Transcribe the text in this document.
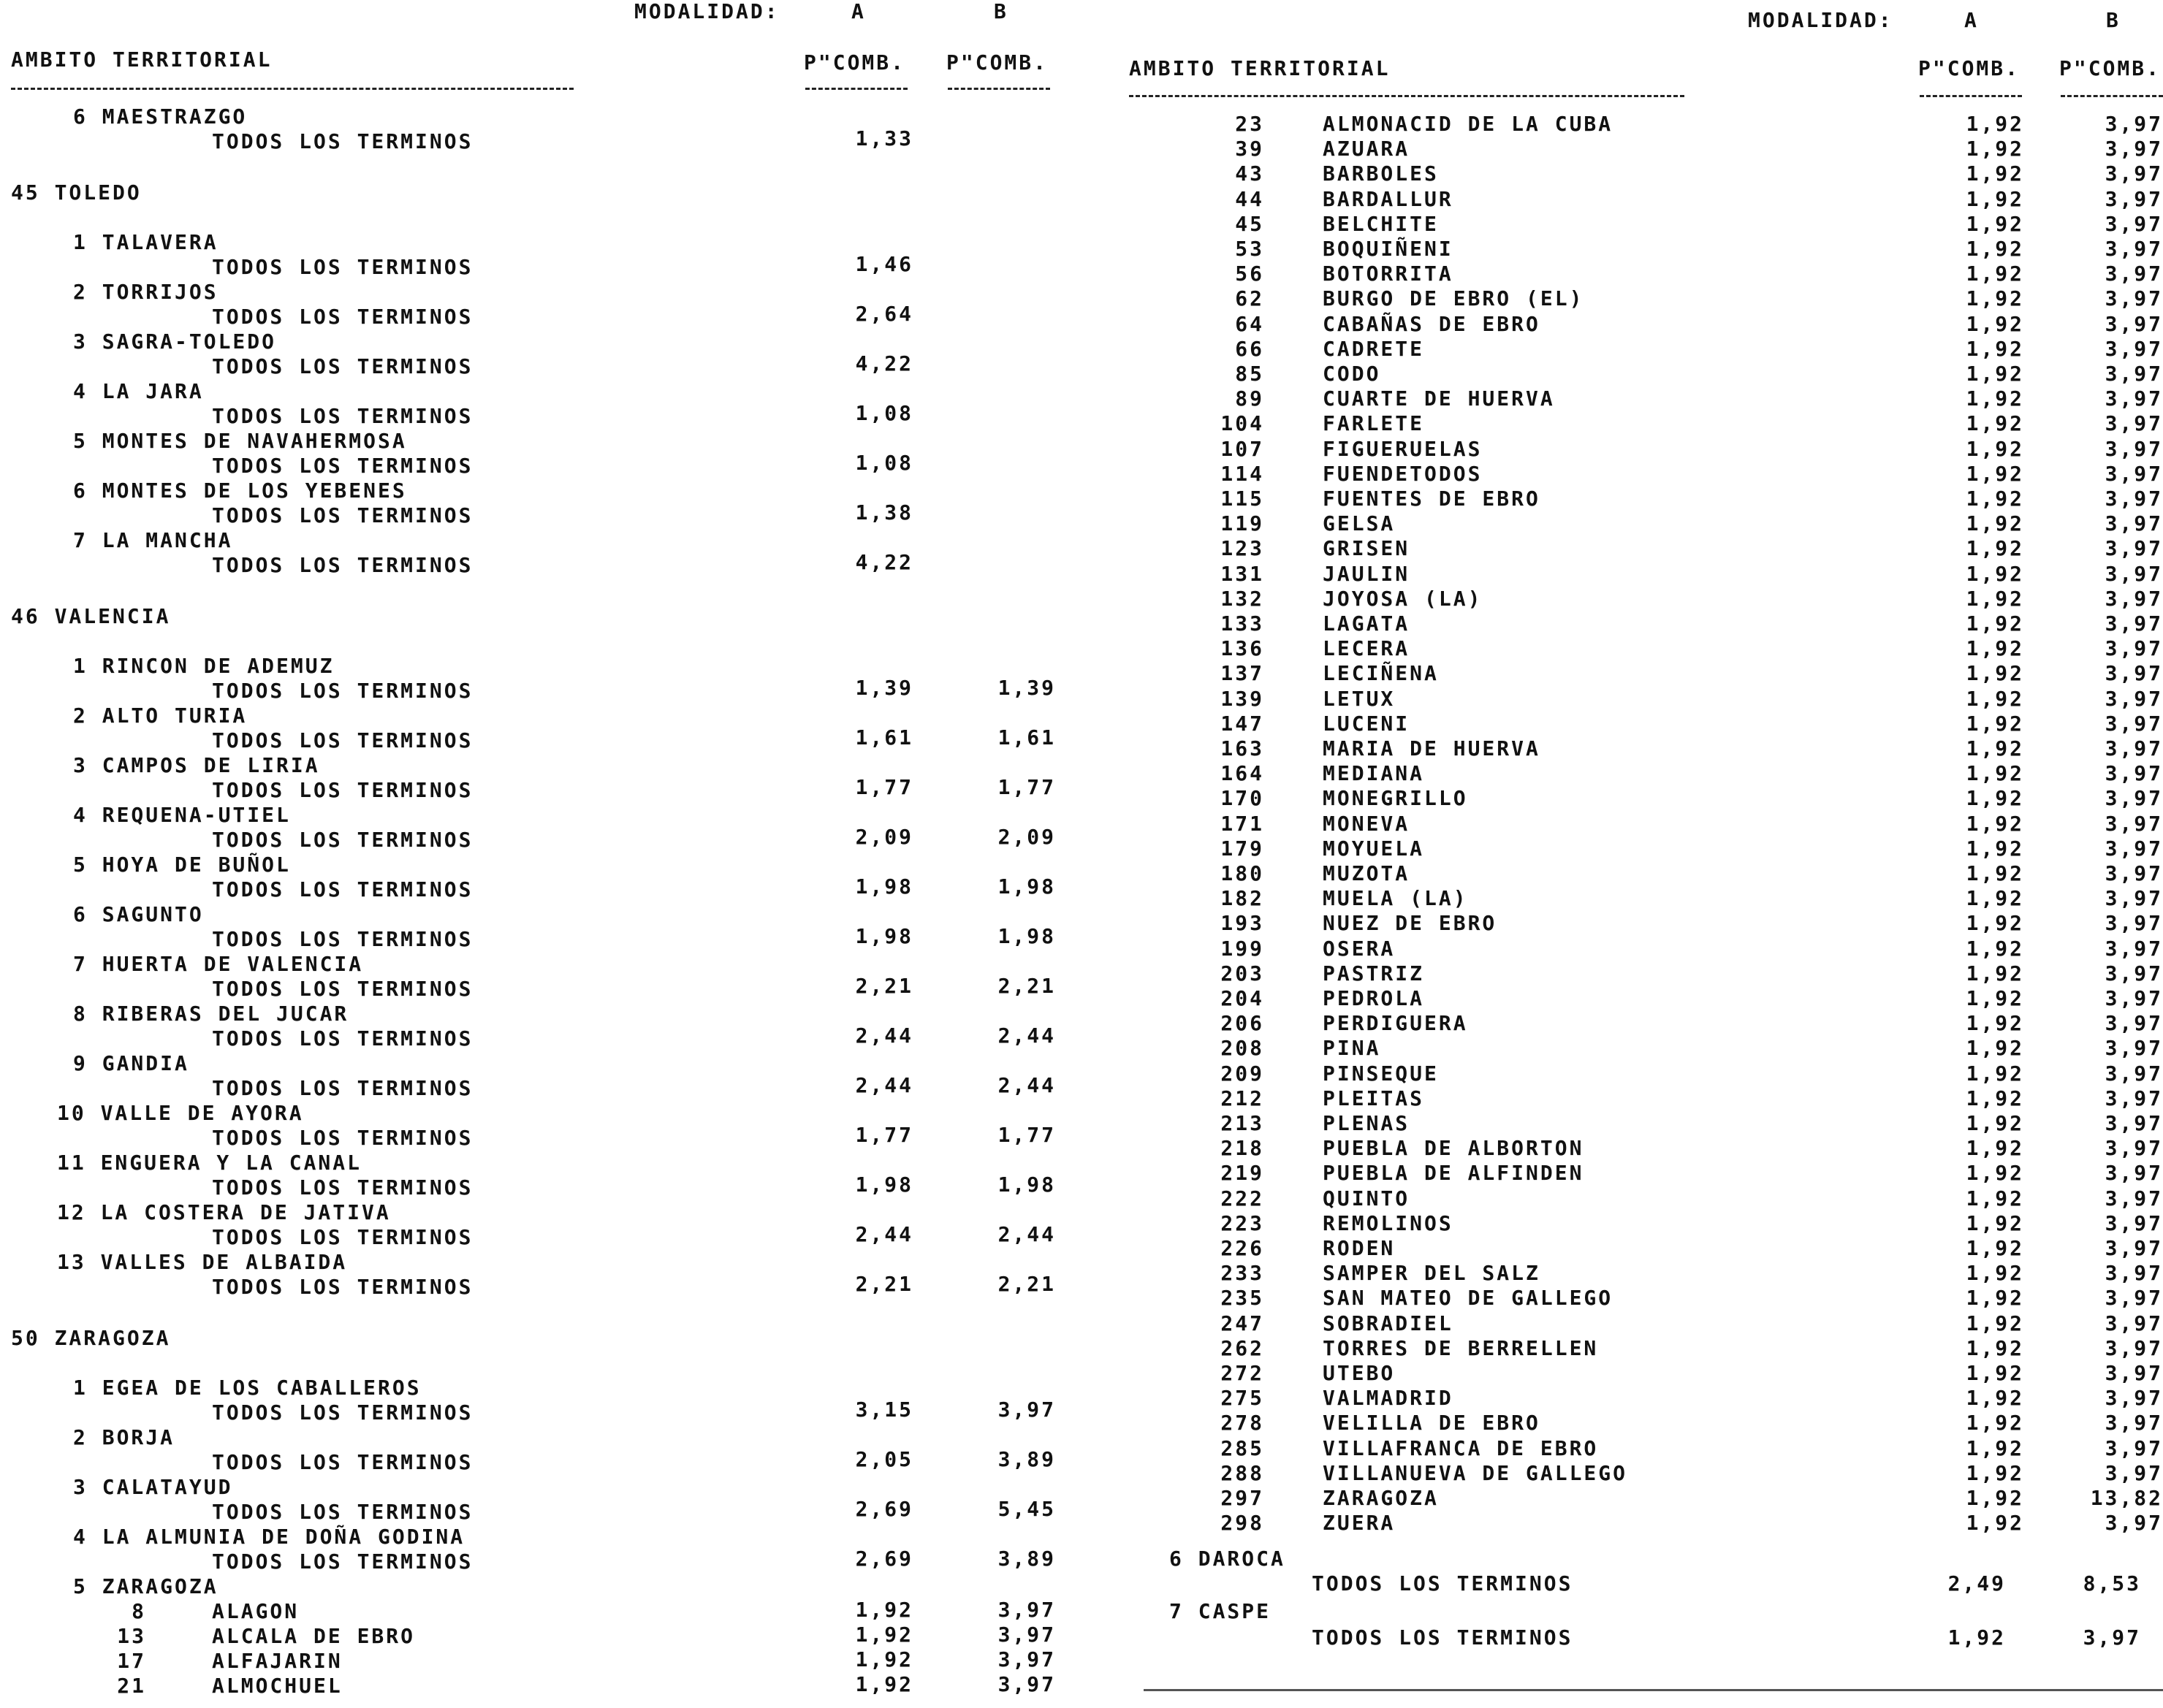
MODALIDAD:	A	B
AMBITO TERRITORIAL	P"COMB. P"COMB.
MODALIDAD:	A	B
AMBITO TERRITORIAL	P"COMB. P"COMB.
6 MAESTRAZGO
TODOS LOS TERMINOS	1,33
45 TOLEDO
1 TALAVERA
TODOS LOS TERMINOS	1,46
2 TORRIJOS
TODOS LOS TERMINOS	2,64
3 SAGRA-TOLEDO
TODOS LOS TERMINOS	4,22
4 LA JARA
TODOS LOS TERMINOS	1,08
5 MONTES DE NAVAHERMOSA
TODOS LOS TERMINOS	1,08
6 MONTES DE LOS YEBENES
TODOS LOS TERMINOS	1,38
7 LA MANCHA
TODOS LOS TERMINOS	4,22
46 VALENCIA
1 RINCON DE ADEMUZ
TODOS LOS TERMINOS	1,39	1,39
2 ALTO TURIA
TODOS LOS TERMINOS	1,61	1,61
3 CAMPOS DE LIRIA
TODOS LOS TERMINOS	1,77	1,77
4 REQUENA-UTIEL
TODOS LOS TERMINOS	2,09	2,09
5 HOYA DE BUÑOL
TODOS LOS TERMINOS	1,98	1,98
6 SAGUNTO
TODOS LOS TERMINOS	1,98	1,98
7 HUERTA DE VALENCIA
TODOS LOS TERMINOS	2,21	2,21
8 RIBERAS DEL JUCAR
TODOS LOS TERMINOS	2,44	2,44
9 GANDIA
TODOS LOS TERMINOS	2,44	2,44
10 VALLE DE AYORA
TODOS LOS TERMINOS	1,77	1,77
11 ENGUERA Y LA CANAL
TODOS LOS TERMINOS	1,98	1,98
12 LA COSTERA DE JATIVA
TODOS LOS TERMINOS	2,44	2,44
13 VALLES DE ALBAIDA
TODOS LOS TERMINOS	2,21	2,21
50 ZARAGOZA
1 EGEA DE LOS CABALLEROS
TODOS LOS TERMINOS	3,15	3,97
2 BORJA
TODOS LOS TERMINOS	2,05	3,89
3 CALATAYUD
TODOS LOS TERMINOS	2,69	5,45
4 LA ALMUNIA DE DOÑA GODINA
TODOS LOS TERMINOS	2,69	3,89
5 ZARAGOZA
8	ALAGON	1,92	3,97
13	ALCALA DE EBRO	1,92	3,97
17	ALFAJARIN	1,92	3,97
21	ALMOCHUEL	1,92	3,97
23	ALMONACID DE LA CUBA	1,92	3,97
39	AZUARA	1,92	3,97
43	BARBOLES	1,92	3,97
44	BARDALLUR	1,92	3,97
45	BELCHITE	1,92	3,97
53	BOQUIÑENI	1,92	3,97
56	BOTORRITA	1,92	3,97
62	BURGO DE EBRO (EL)	1,92	3,97
64	CABAÑAS DE EBRO	1,92	3,97
66	CADRETE	1,92	3,97
85	CODO	1,92	3,97
89	CUARTE DE HUERVA	1,92	3,97
104	FARLETE	1,92	3,97
107	FIGUERUELAS	1,92	3,97
114	FUENDETODOS	1,92	3,97
115	FUENTES DE EBRO	1,92	3,97
119	GELSA	1,92	3,97
123	GRISEN	1,92	3,97
131	JAULIN	1,92	3,97
132	JOYOSA (LA)	1,92	3,97
133	LAGATA	1,92	3,97
136	LECERA	1,92	3,97
137	LECIÑENA	1,92	3,97
139	LETUX	1,92	3,97
147	LUCENI	1,92	3,97
163	MARIA DE HUERVA	1,92	3,97
164	MEDIANA	1,92	3,97
170	MONEGRILLO	1,92	3,97
171	MONEVA	1,92	3,97
179	MOYUELA	1,92	3,97
180	MUZOTA	1,92	3,97
182	MUELA (LA)	1,92	3,97
193	NUEZ DE EBRO	1,92	3,97
199	OSERA	1,92	3,97
203	PASTRIZ	1,92	3,97
204	PEDROLA	1,92	3,97
206	PERDIGUERA	1,92	3,97
208	PINA	1,92	3,97
209	PINSEQUE	1,92	3,97
212	PLEITAS	1,92	3,97
213	PLENAS	1,92	3,97
218	PUEBLA DE ALBORTON	1,92	3,97
219	PUEBLA DE ALFINDEN	1,92	3,97
222	QUINTO	1,92	3,97
223	REMOLINOS	1,92	3,97
226	RODEN	1,92	3,97
233	SAMPER DEL SALZ	1,92	3,97
235	SAN MATEO DE GALLEGO	1,92	3,97
247	SOBRADIEL	1,92	3,97
262	TORRES DE BERRELLEN	1,92	3,97
272	UTEBO	1,92	3,97
275	VALMADRID	1,92	3,97
278	VELILLA DE EBRO	1,92	3,97
285	VILLAFRANCA DE EBRO	1,92	3,97
288	VILLANUEVA DE GALLEGO	1,92	3,97
297	ZARAGOZA	1,92	13,82
298	ZUERA	1,92	3,97
6 DAROCA
TODOS LOS TERMINOS	2,49	8,53
7 CASPE
TODOS LOS TERMINOS	1,92	3,97
